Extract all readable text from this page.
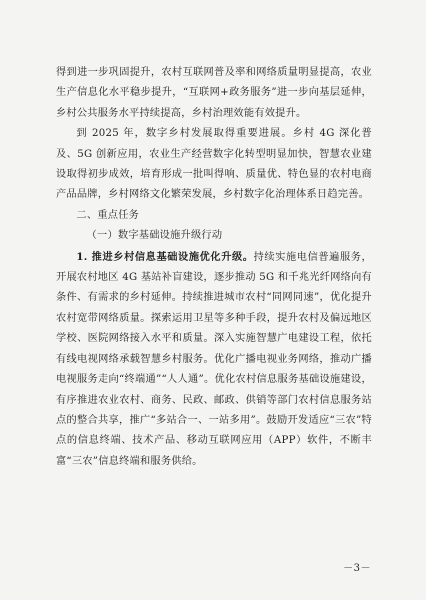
得到进一步巩固提升，农村互联网普及率和网络质量明显提高，农业生产信息化水平稳步提升，“互联网+政务服务”进一步向基层延伸，乡村公共服务水平持续提高，乡村治理效能有效提升。

到 2025 年，数字乡村发展取得重要进展。乡村 4G 深化普及、5G 创新应用，农业生产经营数字化转型明显加快，智慧农业建设取得初步成效，培育形成一批叫得响、质量优、特色显的农村电商产品品牌，乡村网络文化繁荣发展，乡村数字化治理体系日趋完善。

二、重点任务

（一）数字基础设施升级行动

1. 推进乡村信息基础设施优化升级。持续实施电信普遍服务，开展农村地区 4G 基站补盲建设，逐步推动 5G 和千兆光纤网络向有条件、有需求的乡村延伸。持续推进城市农村“同网同速”，优化提升农村宽带网络质量。探索运用卫星等多种手段，提升农村及偏远地区学校、医院网络接入水平和质量。深入实施智慧广电建设工程，依托有线电视网络承载智慧乡村服务。优化广播电视业务网络，推动广播电视服务走向“终端通”“人人通”。优化农村信息服务基础设施建设，有序推进农业农村、商务、民政、邮政、供销等部门农村信息服务站点的整合共享，推广“多站合一、一站多用”。鼓励开发适应“三农”特点的信息终端、技术产品、移动互联网应用（APP）软件，不断丰富“三农”信息终端和服务供给。

－3－
